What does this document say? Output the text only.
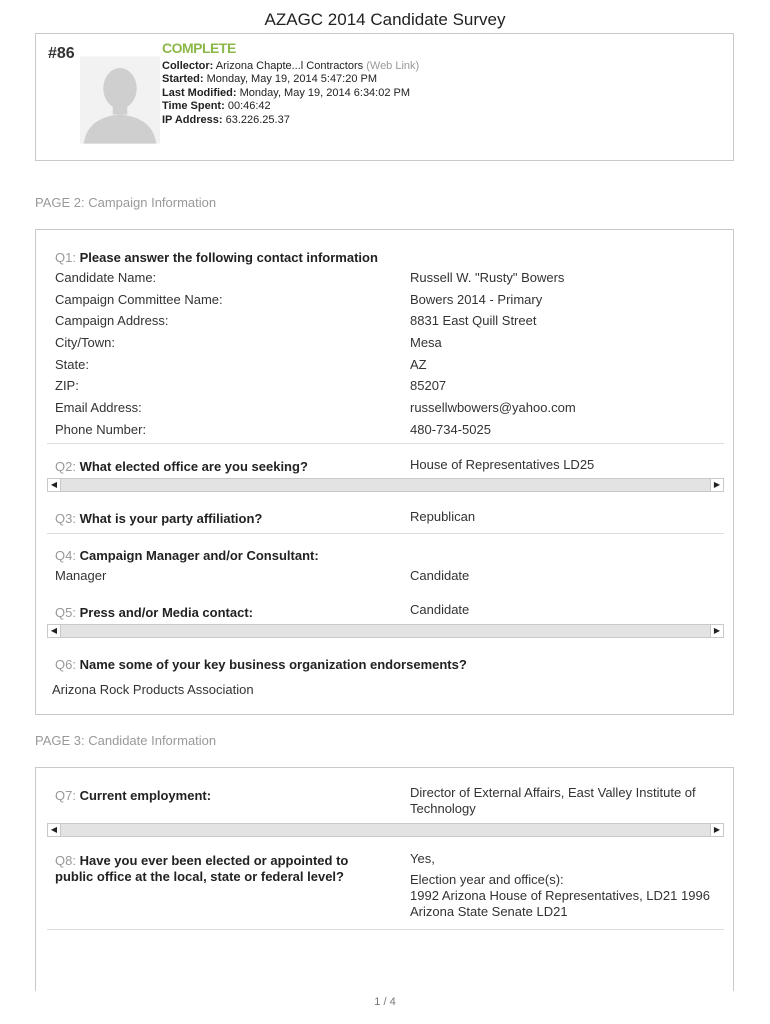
AZAGC 2014 Candidate Survey
#86	COMPLETE
Collector: Arizona Chapte...l Contractors (Web Link)
Started: Monday, May 19, 2014 5:47:20 PM
Last Modified: Monday, May 19, 2014 6:34:02 PM
Time Spent: 00:46:42
IP Address: 63.226.25.37
PAGE 2: Campaign Information
Q1: Please answer the following contact information
Candidate Name:	Russell W. "Rusty" Bowers
Campaign Committee Name:	Bowers 2014 - Primary
Campaign Address:	8831 East Quill Street
City/Town:	Mesa
State:	AZ
ZIP:	85207
Email Address:	russellwbowers@yahoo.com
Phone Number:	480-734-5025
Q2: What elected office are you seeking?	House of Representatives LD25
◀	▶
Q3: What is your party affiliation?	Republican
Q4: Campaign Manager and/or Consultant:
Manager	Candidate
Q5: Press and/or Media contact:	Candidate
◀	▶
Q6: Name some of your key business organization endorsements?
Arizona Rock Products Association
PAGE 3: Candidate Information
Q7: Current employment:	Director of External Affairs, East Valley Institute of
Technology
◀	▶
Q8: Have you ever been elected or appointed to
public office at the local, state or federal level?
Yes,
Election year and office(s):
1992 Arizona House of Representatives, LD21 1996
Arizona State Senate LD21
1 / 4
